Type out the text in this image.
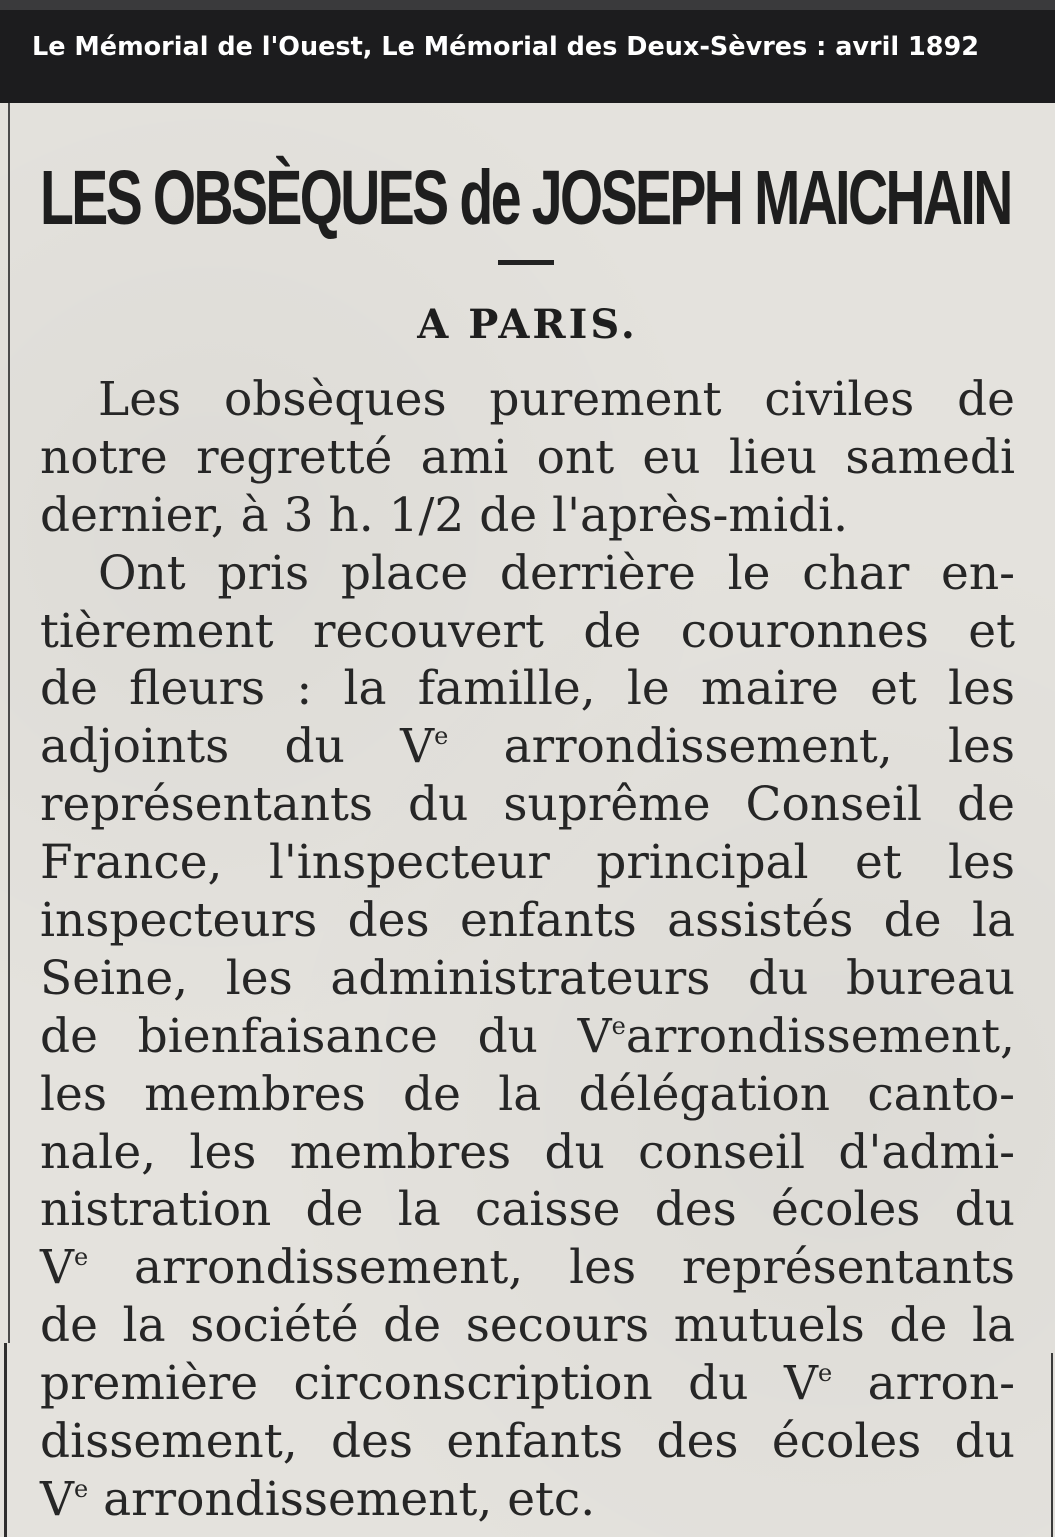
Le Mémorial de l'Ouest, Le Mémorial des Deux-Sèvres : avril 1892
LES OBSÈQUES de JOSEPH MAICHAIN
A PARIS.
Les obsèques purement civiles de
notre regretté ami ont eu lieu samedi
dernier, à 3 h. 1/2 de l'après-midi.
Ont pris place derrière le char en-
tièrement recouvert de couronnes et
de fleurs : la famille, le maire et les
adjoints du Ve arrondissement, les
représentants du suprême Conseil de
France, l'inspecteur principal et les
inspecteurs des enfants assistés de la
Seine, les administrateurs du bureau
de bienfaisance du Vearrondissement,
les membres de la délégation canto-
nale, les membres du conseil d'admi-
nistration de la caisse des écoles du
Ve arrondissement, les représentants
de la société de secours mutuels de la
première circonscription du Ve arron-
dissement, des enfants des écoles du
Ve arrondissement, etc.
